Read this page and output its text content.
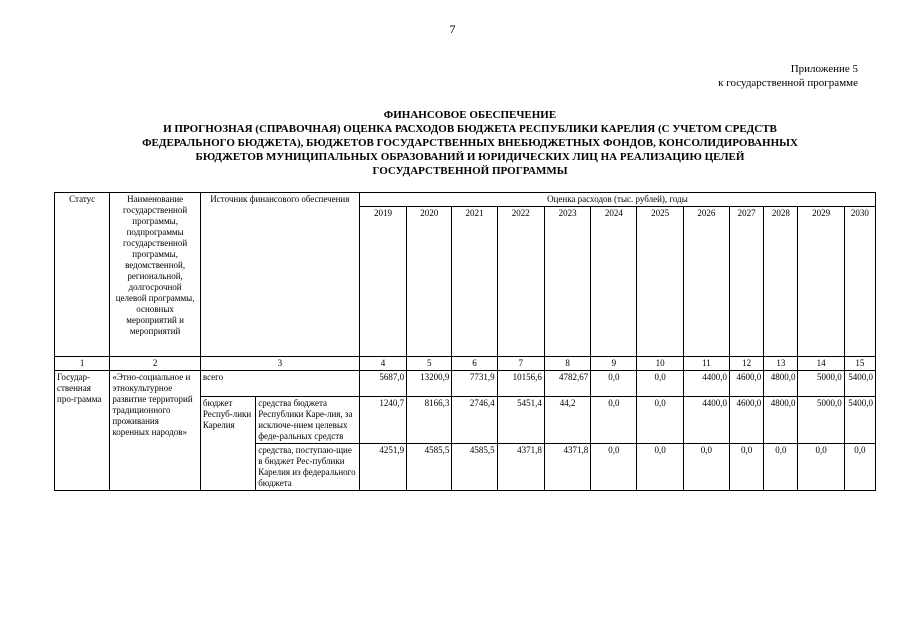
7
Приложение 5
к государственной программе
ФИНАНСОВОЕ ОБЕСПЕЧЕНИЕ
И ПРОГНОЗНАЯ (СПРАВОЧНАЯ) ОЦЕНКА РАСХОДОВ БЮДЖЕТА РЕСПУБЛИКИ КАРЕЛИЯ (С УЧЕТОМ СРЕДСТВ
ФЕДЕРАЛЬНОГО БЮДЖЕТА), БЮДЖЕТОВ ГОСУДАРСТВЕННЫХ ВНЕБЮДЖЕТНЫХ ФОНДОВ, КОНСОЛИДИРОВАННЫХ
БЮДЖЕТОВ МУНИЦИПАЛЬНЫХ ОБРАЗОВАНИЙ И ЮРИДИЧЕСКИХ ЛИЦ НА РЕАЛИЗАЦИЮ ЦЕЛЕЙ
ГОСУДАРСТВЕННОЙ ПРОГРАММЫ
Статус	Наименование государственной программы, подпрограммы государственной программы, ведомственной, региональной, долгосрочной целевой программы, основных мероприятий и мероприятий	Источник финансового обеспечения		Оценка расходов (тыс. рублей), годы											
				2019	2020	2021	2022	2023	2024	2025	2026	2027	2028	2029	2030
1	2	3		4	5	6	7	8	9	10	11	12	13	14	15
Государ-ственная про-грамма	«Этно-социальное и этнокультурное развитие территорий традиционного проживания коренных народов»	всего		5687,0	13200,9	7731,9	10156,6	4782,67	0,0	0,0	4400,0	4600,0	4800,0	5000,0	5400,0
		бюджет Респуб-лики Карелия	средства бюджета Республики Каре-лия, за исключе-нием целевых феде-ральных средств	1240,7	8166,3	2746,4	5451,4	44,2	0,0	0,0	4400,0	4600,0	4800,0	5000,0	5400,0
			средства, поступаю-щие в бюджет Рес-публики Карелия из федерального бюджета	4251,9	4585,5	4585,5	4371,8	4371,8	0,0	0,0	0,0	0,0	0,0	0,0	0,0
